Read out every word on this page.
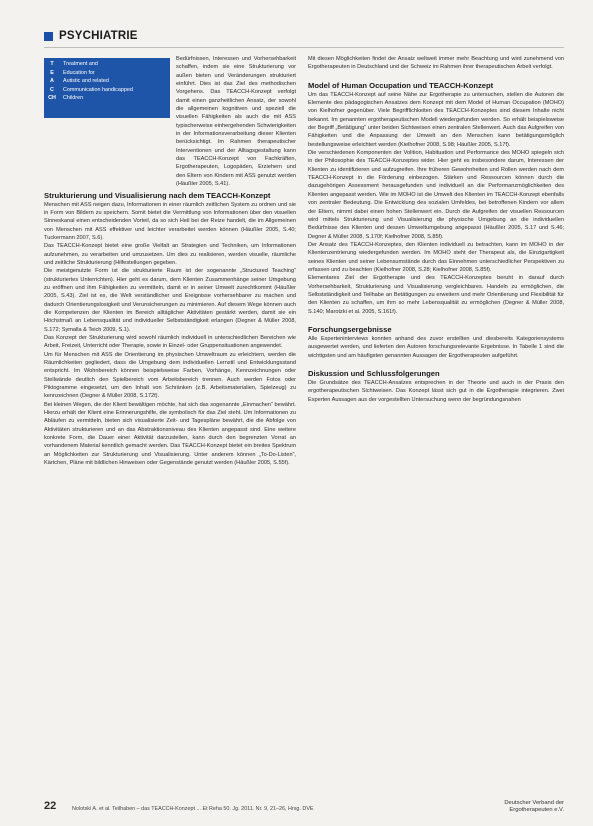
PSYCHIATRIE

Bedürfnissen, Interessen und Vorhersehbarkeit schaffen, indem sie eine Strukturierung vor außen bieten und Veränderungen strukturiert einführt. Dies ist das Ziel des methodischen Vorgehens. Das TEACCH-Konzept verfolgt damit einen ganzheitlichen Ansatz, der sowohl die allgemeinen kognitiven und speziell die visuellen Fähigkeiten als auch die mit ASS typischerweise einhergehenden Schwierigkeiten in der Informationsverarbeitung dieser Klienten berücksichtigt. Im Rahmen therapeutischer Interventionen und der Alltagsgestaltung kann das TEACCH-Konzept von Fachkräften, Ergotherapeuten, Logopäden, Erziehern und den Eltern von Kindern mit ASS genutzt werden (Häußler 2005, S.41).

Strukturierung und Visualisierung nach dem TEACCH-Konzept

Menschen mit ASS neigen dazu, Informationen in einer räumlich zeitlichen System zu ordnen und sie in Form von Bildern zu speichern. Somit bietet die Vermittlung von Informationen über den visuellen Sinneskanal einen entscheidenden Vorteil, da so sich Heil bei der Reize handelt, die im Allgemeinen von Menschen mit ASS effektiver und leichter verarbeitet werden können (Häußler 2005, S.40; Tuckermann 2007, S.6).

Das TEACCH-Konzept bietet eine große Vielfalt an Strategien und Techniken, um Informationen aufzunehmen, zu verarbeiten und umzusetzen. Um dies zu realisieren, werden visuelle, räumliche und zeitliche Strukturierung (Hilfestellungen gegeben.

Die meistgenutzte Form ist die strukturierte Raum ist der sogenannte „Structured Teaching“ (strukturiertes Unterrichten). Hier geht es darum, dem Klienten Zusammenhänge seiner Umgebung zu eröffnen und ihm Fähigkeiten zu vermitteln, damit er in seiner Umwelt zurechtkommt (Häußler 2005, S.43). Ziel ist es, die Welt verständlicher und Ereignisse vorhersehbarer zu machen und dadurch Orientierungslosigkeit und Verunsicherungen zu minimieren. Auf diesem Wege können auch die Kompetenzen der Klienten im Bereich alltäglicher Aktivitäten gestärkt werden, damit sie ein Höchstmaß an Lebensqualität und individueller Selbstständigkeit erlangen (Degner & Müller 2008, S.172; Symalla & Teich 2009, S.1).

Das Konzept der Strukturierung wird sowohl räumlich individuell in unterschiedlichen Bereichen wie Arbeit, Freizeit, Unterricht oder Therapie, sowie in Einzel- oder Gruppensituationen angewendet.

Um für Menschen mit ASS die Orientierung im physischen Umweltraum zu erleichtern, werden die Räumlichkeiten gegliedert, dass die Umgebung dem individuellen Lernstil und Entwicklungsstand entspricht. Im Wohnbereich können beispielsweise Farben, Vorhänge, Kennzeichnungen oder Stellwände deutlich den Spielbereich vom Arbeitsbereich trennen. Auch werden Fotos oder Piktogramme eingesetzt, um den Inhalt von Schränken (z.B. Arbeitsmaterialien, Spielzeug) zu kennzeichnen (Degner & Müller 2008, S.172f).

Bei kleinen Wegen, die der Klient bewältigen möchte, hat sich das sogenannte „Einmachen“ bewährt. Hierzu erhält der Klient eine Erinnerungshilfe, die symbolisch für das Ziel steht. Um Informationen zu Abläufen zu vermitteln, bieten sich visualisierte Zeit- und Tagespläne bewährt, die die Abfolge von Aktivitäten strukturieren und an das Abstraktionsniveau des Klienten angepasst sind. Eine weitere konkrete Form, die Dauer einer Aktivität darzustellen, kann durch den begrenzten Vorrat an vorhandenem Material kenntlich gemacht werden. Das TEACCH-Konzept bietet ein breites Spektrum an Möglichkeiten zur Strukturierung und Visualisierung. Unter anderem können „To-Do-Listen“, Kärtchen, Pläne mit bildlichen Hinweisen oder Gegenstände genutzt werden (Häußler 2005, S.55f).

T	Treatment and
E	Education for
A	Autistic and related
C	Communication handicapped
CH	Children

Mit diesen Möglichkeiten findet der Ansatz weltweit immer mehr Beachtung und wird zunehmend von Ergotherapeuten in Deutschland und der Schweiz im Rahmen ihrer therapeutischen Arbeit verfolgt.

Model of Human Occupation und TEACCH-Konzept

Um das TEACCH-Konzept auf seine Nähe zur Ergotherapie zu untersuchen, stellen die Autoren die Elemente des pädagogischen Ansatzes dem Konzept mit dem Model of Human Occupation (MOHO) von Kielhofner gegenüber. Viele Begrifflichkeiten des TEACCH-Konzeptes sind diesem Inhalte nicht bekannt. Im genannten ergotherapeutischen Modell wiedergefunden werden. So erhält beispielsweise der Begriff „Betätigung“ unter beiden Sichtweisen einen zentralen Stellenwert. Auch das Aufgreifen von Fähigkeiten und die Anpassung der Umwelt an den Menschen kann betätigungsmöglich bestellungsweise erleichtert werden (Kielhofner 2008, S.98; Häußler 2005, S.17f).

Die verschiedenen Komponenten der Volition, Habituation und Performance des MOHO spiegeln sich in der Philosophie des TEACCH-Konzeptes wider. Hier geht es insbesondere darum, Interessen der Klienten zu identifizieren und aufzugreifen. Ihre früheren Gewohnheiten und Rollen werden nach dem TEACCH-Konzept in die Förderung einbezogen. Stärken und Ressourcen können durch die dazugehörigen Assessment herausgefunden und individuell an die Performanzmöglichkeiten des Klienten angepasst werden. Wie im MOHO ist die Umwelt des Klienten im TEACCH-Konzept ebenfalls von zentraler Bedeutung. Die Entwicklung des sozialen Umfeldes, bei betroffenen Kindern vor allem der Eltern, nimmt dabei einen hohen Stellenwert ein. Durch die Aufgreifen der visuellen Ressourcen wird mittels Strukturierung und Visualisierung die physische Umgebung an die individuellen Bedürfnisse des Klienten und dessen Umweltumgebung angepasst (Häußler 2005, S.17 und S.46; Degner & Müller 2008, S.170f; Kielhofner 2008, S.85f).

Der Ansatz des TEACCH-Konzeptes, den Klienten individuell zu betrachten, kann im MOHO in der Klientenzentrierung wiedergefunden werden. Im MOHO steht der Therapeut als, die Einzigartigkeit seines Klienten und seiner Lebensumstände durch das Einnehmen unterschiedlicher Perspektiven zu erfassen und zu beachten (Kielhofner 2008, S.28; Kielhofner 2008, S.85f).

Elementares Ziel der Ergotherapie und des TEACCH-Konzeptes beruht in darauf durch Vorhersehbarkeit, Strukturierung und Visualisierung vergleichbares. Handeln zu ermöglichen, die Selbstständigkeit und Teilhabe an Betätigungen zu erweitern und mehr Orientierung und Flexibilität für den Klienten zu schaffen, um ihm so mehr Lebensqualität zu ermöglichen (Degner & Müller 2008, S.140; Marotzki et al. 2005, S.161f).

Forschungsergebnisse

Alle Experteninterviews konnten anhand des zuvor erstellten und diesbereits Kategoriensystems ausgewertet werden, und lieferten den Autoren forschungsrelevante Ergebnisse. In Tabelle 1 sind die wichtigsten und am häufigsten genannten Aussagen der Ergotherapeuten aufgeführt.

Diskussion und Schlussfolgerungen

Die Grundsätze des TEACCH-Ansatzes entsprechen in der Theorie und auch in der Praxis den ergotherapeutischen Sichtweisen. Das Konzept lässt sich gut in die Ergotherapie integrieren. Zwei Experten Aussagen aus der vorgestellten Untersuchung wenn der begründungsnahen

22	Nolotski A. et al. Teilhaben – das TEACCH-Konzept ... Et Reha 50. Jg. 2011. Nr. 9, 21–26, Hrsg. DVE
Deutscher Verband der
Ergotherapeuten e.V.
